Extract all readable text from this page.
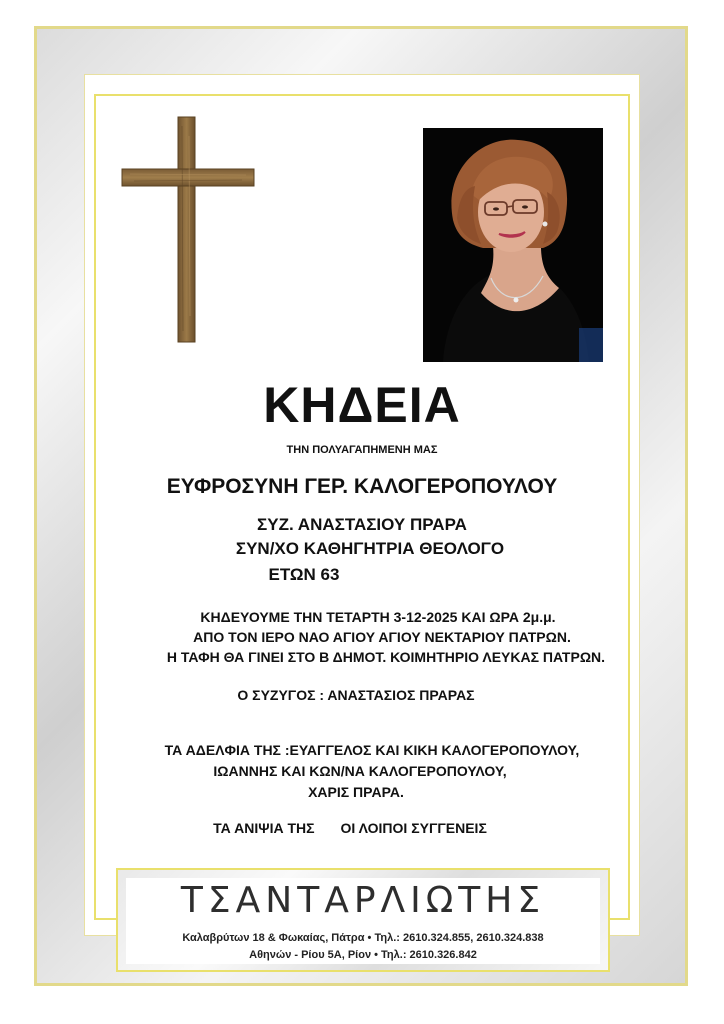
ΚΗΔΕΙΑ
ΤΗΝ ΠΟΛΥΑΓΑΠΗΜΕΝΗ ΜΑΣ
ΕΥΦΡΟΣΥΝΗ ΓΕΡ. ΚΑΛΟΓΕΡΟΠΟΥΛΟΥ
ΣΥΖ. ΑΝΑΣΤΑΣΙΟΥ ΠΡΑΡΑ
ΣΥΝ/ΧΟ ΚΑΘΗΓΗΤΡΙΑ ΘΕΟΛΟΓΟ
ΕΤΩΝ 63
ΚΗΔΕΥΟΥΜΕ ΤΗΝ ΤΕΤΑΡΤΗ 3-12-2025 ΚΑΙ ΩΡΑ 2μ.μ.
ΑΠΟ ΤΟΝ ΙΕΡΟ ΝΑΟ ΑΓΙΟΥ ΑΓΙΟΥ ΝΕΚΤΑΡΙΟΥ ΠΑΤΡΩΝ.
Η ΤΑΦΗ ΘΑ ΓΙΝΕΙ ΣΤΟ Β ΔΗΜΟΤ. ΚΟΙΜΗΤΗΡΙΟ ΛΕΥΚΑΣ ΠΑΤΡΩΝ.
Ο ΣΥΖΥΓΟΣ : ΑΝΑΣΤΑΣΙΟΣ ΠΡΑΡΑΣ
ΤΑ ΑΔΕΛΦΙΑ ΤΗΣ :ΕΥΑΓΓΕΛΟΣ ΚΑΙ ΚΙΚΗ ΚΑΛΟΓΕΡΟΠΟΥΛΟΥ,
ΙΩΑΝΝΗΣ ΚΑΙ ΚΩΝ/ΝΑ ΚΑΛΟΓΕΡΟΠΟΥΛΟΥ,
ΧΑΡΙΣ ΠΡΑΡΑ.
ΤΑ ΑΝΙΨΙΑ ΤΗΣ ΟΙ ΛΟΙΠΟΙ ΣΥΓΓΕΝΕΙΣ
ΤΣΑΝΤΑΡΛΙΩΤΗΣ
Καλαβρύτων 18 & Φωκαίας, Πάτρα • Τηλ.: 2610.324.855, 2610.324.838
Αθηνών - Ρίου 5Α, Ρίον • Τηλ.: 2610.326.842
